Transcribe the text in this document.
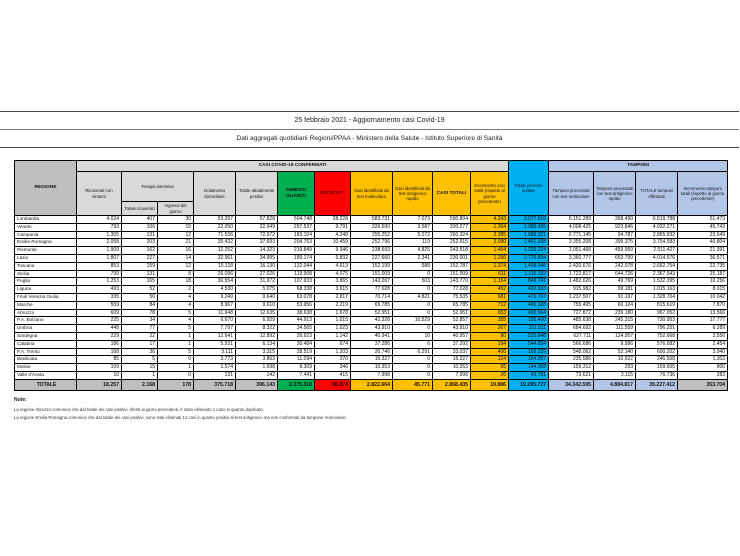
25 febbraio 2021 - Aggiornamento casi Covid-19
Dati aggregati quotidiani Regioni/PPAA - Ministero della Salute - Istituto Superiore di Sanità
REGIONE	CASI COVID-19 CONFERMATI											Totale persone testate	TAMPONI			
	Ricoverati con sintomi	Terapia intensiva		Isolamento domiciliare	Totale attualmente positivi	DIMESSI GUARITI	DECEDUTI	Casi identificati da test molecolare	Casi identificati da test antigenico rapido	CASI TOTALI	Incremento casi totali (rispetto al giorno precedente)		Tamponi processati con test molecolare	Tamponi processati con test antigenico rapido	TOTALE tamponi effettuati	Incremento tamponi totali (rispetto al giorno precedente)
		Totale ricoverati	Ingressi del giorno													
Lombardia	4.024	407	30	53.397	57.828	504.748	28.228	583.731	7.073	590.804	4.243	3.077.516	6.151.289	368.499	6.519.788	51.473
Veneto	793	106	15	22.050	22.949	297.537	9.791	326.690	3.587	330.277	1.304	1.389.455	4.008.425	923.846	4.932.271	45.743
Campania	1.305	131	12	71.536	72.972	183.104	4.248	255.252	5.072	260.324	2.385	1.988.321	2.771.145	94.787	2.865.932	23.649
Emilia-Romagna	2.058	203	21	35.432	37.693	204.763	10.459	252.796	119	252.915	2.090	1.461.938	3.355.208	399.375	3.754.583	40.804
Piemonte	1.909	162	16	12.252	14.323	219.849	9.346	238.693	4.825	243.518	1.454	1.233.224	2.051.468	459.959	2.511.427	21.391
Lazio	1.807	227	14	32.961	34.995	189.174	5.832	227.660	2.341	230.001	1.256	2.776.834	3.360.777	653.799	4.014.576	36.571
Toscana	853	159	12	15.118	16.130	132.044	4.613	152.199	588	152.787	1.374	1.408.946	2.420.676	242.078	2.662.754	22.735
Sicilia	799	131	8	26.096	27.026	119.908	4.075	151.009	0	151.009	611	1.115.332	1.722.817	644.726	2.367.543	25.187
Puglia	1.253	165	18	30.554	31.972	107.933	3.865	143.267	503	143.770	1.154	849.741	1.482.626	49.769	1.532.395	10.256
Liguria	493	52	2	4.530	5.075	68.338	3.615	77.028	0	77.028	452	432.933	915.982	99.181	1.015.163	8.015
Friuli Venezia Giulia	335	56	4	9.249	9.640	63.078	2.817	70.714	4.821	75.535	681	473.707	1.237.507	91.197	1.328.704	10.042
Marche	559	84	4	8.967	9.610	53.956	2.219	65.785	0	65.785	712	495.328	755.495	60.124	815.619	7.870
Abruzzo	609	78	5	11.948	12.635	38.638	1.678	52.951	0	52.951	653	493.564	727.872	239.180	967.052	13.566
P.A. Bolzano	225	34	4	6.670	6.929	44.913	1.015	42.328	10.529	52.857	355	195.490	485.638	245.315	730.953	17.777
Umbria	448	77	5	7.797	8.322	34.565	1.023	43.910	0	43.910	267	311.511	684.692	111.559	796.251	6.289
Sardegna	229	22	1	12.641	12.892	26.923	1.142	40.941	16	40.957	80	525.848	627.711	124.957	752.668	3.556
Calabria	186	17	1	5.931	6.134	30.484	674	37.286	6	37.292	194	544.654	566.686	9.996	576.682	2.454
P.A. Trento	168	36	5	3.111	3.315	28.519	1.203	26.746	6.291	33.037	406	169.229	548.062	52.140	600.202	3.940
Basilicata	85	5	0	3.773	3.863	11.094	370	15.327	0	15.327	124	164.007	235.586	10.922	246.508	1.303
Molise	109	15	1	1.574	1.698	8.309	346	10.353	0	10.353	65	144.368	159.312	293	159.605	800
Valle d'Aosta	10	1	0	131	142	7.441	415	7.998	0	7.998	26	43.781	73.621	3.115	76.736	283
TOTALE	18.257	2.168	178	375.718	396.143	2.375.318	96.974	2.822.664	45.771	2.868.435	19.886	19.295.727	34.342.595	4.884.817	39.227.412	353.704
Note:
La regione Abruzzo comunica che dal totale dei casi positivi, riferiti ai giorni precedenti, è stato eliminato 1 caso in quanto duplicato.
La regione Emilia Romagna comunica che dal totale dei casi positivi, sono stati eliminati 14 casi in quanto positivi al test antigenico ma non confermati da tampone molecolare.
